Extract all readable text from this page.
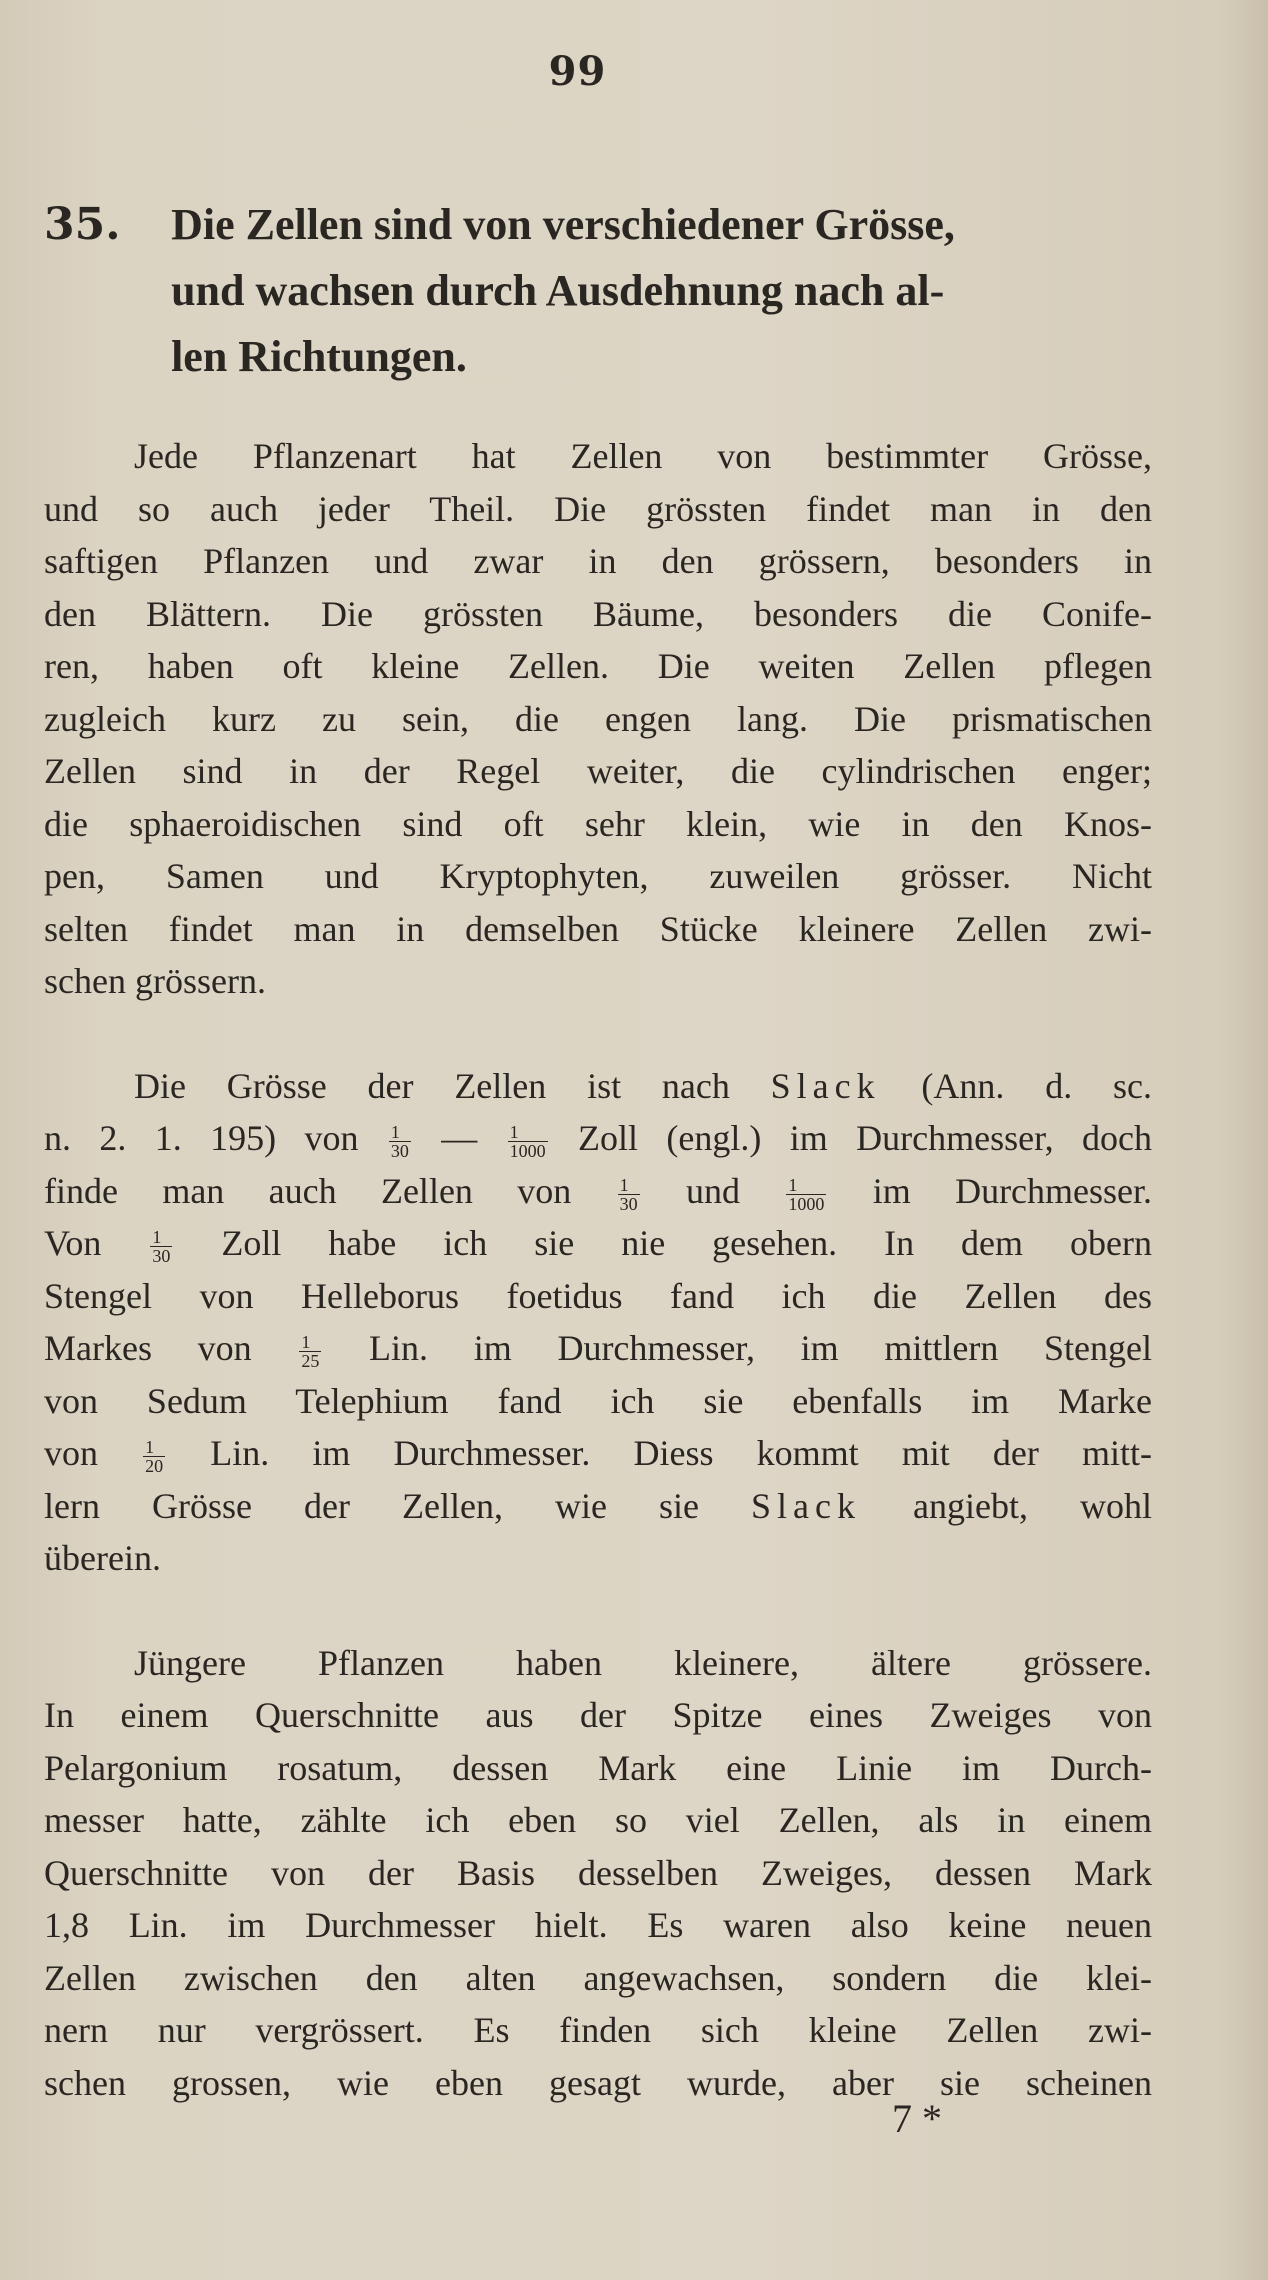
99
35.	Die Zellen sind von verschiedener Grösse,
und wachsen durch Ausdehnung nach al-
len Richtungen.
Jede Pflanzenart hat Zellen von bestimmter Grösse,
und so auch jeder Theil. Die grössten findet man in den
saftigen Pflanzen und zwar in den grössern, besonders in
den Blättern. Die grössten Bäume, besonders die Conife-
ren, haben oft kleine Zellen. Die weiten Zellen pflegen
zugleich kurz zu sein, die engen lang. Die prismatischen
Zellen sind in der Regel weiter, die cylindrischen enger;
die sphaeroidischen sind oft sehr klein, wie in den Knos-
pen, Samen und Kryptophyten, zuweilen grösser. Nicht
selten findet man in demselben Stücke kleinere Zellen zwi-
schen grössern.
Die Grösse der Zellen ist nach Slack (Ann. d. sc.
n. 2. 1. 195) von $\frac{1}{30}$ — $\frac{1}{1000}$ Zoll (engl.) im Durchmesser, doch
finde man auch Zellen von $\frac{1}{30}$ und $\frac{1}{1000}$ im Durchmesser.
Von $\frac{1}{30}$ Zoll habe ich sie nie gesehen. In dem obern
Stengel von Helleborus foetidus fand ich die Zellen des
Markes von $\frac{1}{25}$ Lin. im Durchmesser, im mittlern Stengel
von Sedum Telephium fand ich sie ebenfalls im Marke
von $\frac{1}{20}$ Lin. im Durchmesser. Diess kommt mit der mitt-
lern Grösse der Zellen, wie sie Slack angiebt, wohl
überein.
Jüngere Pflanzen haben kleinere, ältere grössere.
In einem Querschnitte aus der Spitze eines Zweiges von
Pelargonium rosatum, dessen Mark eine Linie im Durch-
messer hatte, zählte ich eben so viel Zellen, als in einem
Querschnitte von der Basis desselben Zweiges, dessen Mark
1,8 Lin. im Durchmesser hielt. Es waren also keine neuen
Zellen zwischen den alten angewachsen, sondern die klei-
nern nur vergrössert. Es finden sich kleine Zellen zwi-
schen grossen, wie eben gesagt wurde, aber sie scheinen
7 *
